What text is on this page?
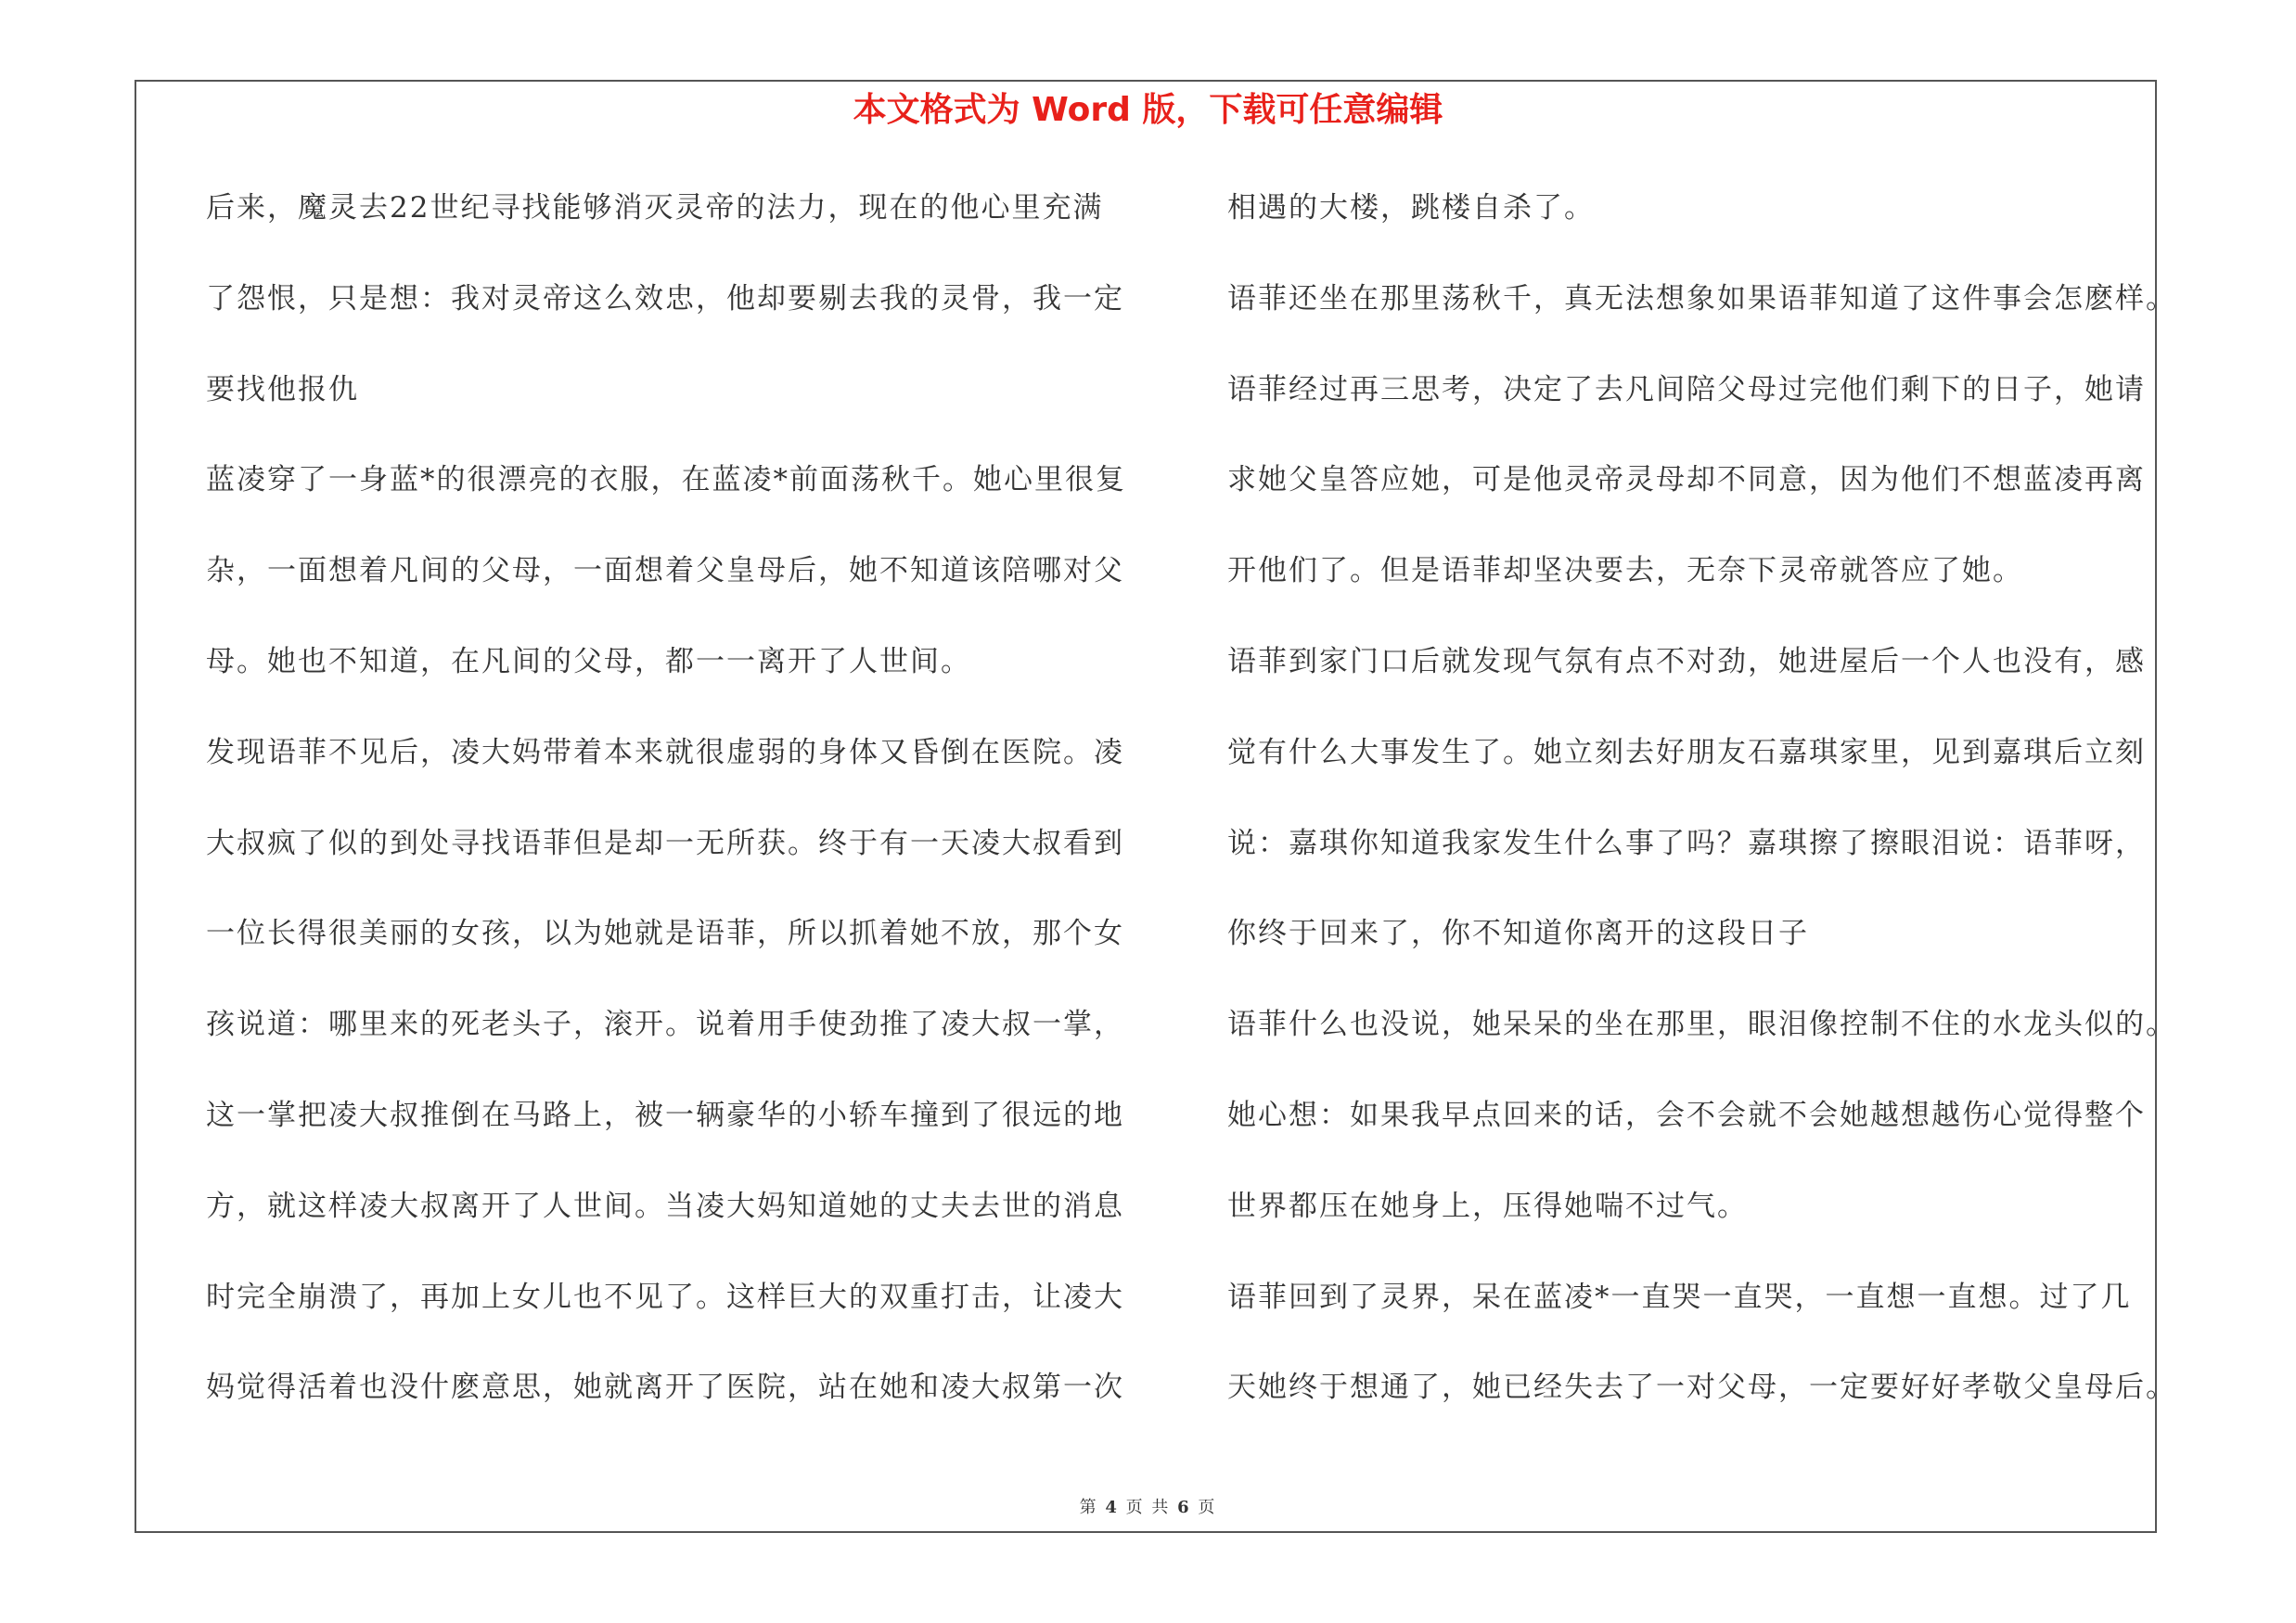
本文格式为 Word 版，下载可任意编辑
后来，魔灵去22世纪寻找能够消灭灵帝的法力，现在的他心里充满
了怨恨，只是想：我对灵帝这么效忠，他却要剔去我的灵骨，我一定
要找他报仇
蓝凌穿了一身蓝*的很漂亮的衣服，在蓝凌*前面荡秋千。她心里很复
杂，一面想着凡间的父母，一面想着父皇母后，她不知道该陪哪对父
母。她也不知道，在凡间的父母，都一一离开了人世间。
发现语菲不见后，凌大妈带着本来就很虚弱的身体又昏倒在医院。凌
大叔疯了似的到处寻找语菲但是却一无所获。终于有一天凌大叔看到
一位长得很美丽的女孩，以为她就是语菲，所以抓着她不放，那个女
孩说道：哪里来的死老头子，滚开。说着用手使劲推了凌大叔一掌，
这一掌把凌大叔推倒在马路上，被一辆豪华的小轿车撞到了很远的地
方，就这样凌大叔离开了人世间。当凌大妈知道她的丈夫去世的消息
时完全崩溃了，再加上女儿也不见了。这样巨大的双重打击，让凌大
妈觉得活着也没什麽意思，她就离开了医院，站在她和凌大叔第一次
相遇的大楼，跳楼自杀了。
语菲还坐在那里荡秋千，真无法想象如果语菲知道了这件事会怎麽样。
语菲经过再三思考，决定了去凡间陪父母过完他们剩下的日子，她请
求她父皇答应她，可是他灵帝灵母却不同意，因为他们不想蓝凌再离
开他们了。但是语菲却坚决要去，无奈下灵帝就答应了她。
语菲到家门口后就发现气氛有点不对劲，她进屋后一个人也没有，感
觉有什么大事发生了。她立刻去好朋友石嘉琪家里，见到嘉琪后立刻
说：嘉琪你知道我家发生什么事了吗？嘉琪擦了擦眼泪说：语菲呀，
你终于回来了，你不知道你离开的这段日子
语菲什么也没说，她呆呆的坐在那里，眼泪像控制不住的水龙头似的。
她心想：如果我早点回来的话，会不会就不会她越想越伤心觉得整个
世界都压在她身上，压得她喘不过气。
语菲回到了灵界，呆在蓝凌*一直哭一直哭，一直想一直想。过了几
天她终于想通了，她已经失去了一对父母，一定要好好孝敬父皇母后。
第 4 页 共 6 页
